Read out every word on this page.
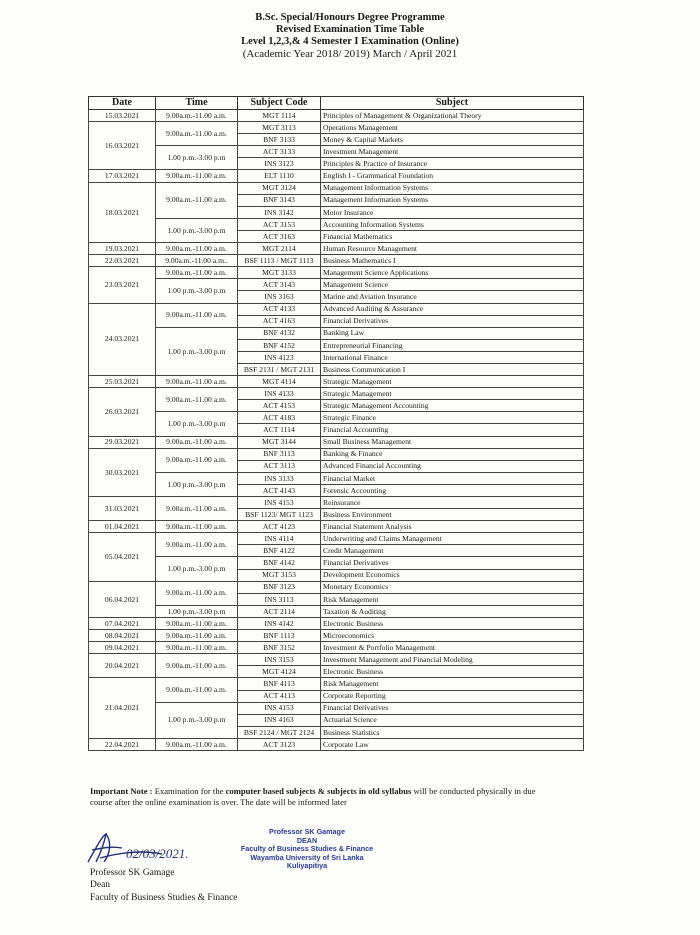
B.Sc. Special/Honours Degree Programme
Revised Examination Time Table
Level 1,2,3,& 4 Semester I Examination (Online)
(Academic Year 2018/ 2019) March / April 2021
Date	Time	Subject Code	Subject
15.03.2021	9.00a.m.-11.00 a.m.	MGT 1114	Principles of Management & Organizational Theory
16.03.2021	9.00a.m.-11.00 a.m.	MGT 3113	Operations Management
		BNF 3133	Money & Capital Markets
	1.00 p.m.-3.00 p.m	ACT 3133	Investment Management
		INS 3123	Principles & Practice of Insurance
17.03.2021	9.00a.m.-11.00 a.m.	ELT 1110	English I - Grammatical Foundation
18.03.2021	9.00a.m.-11.00 a.m.	MGT 3124	Management Information Systems
		BNF 3143	Management Information Systems
		INS 3142	Motor Insurance
	1.00 p.m.-3.00 p.m	ACT 3153	Accounting Information Systems
		ACT 3163	Financial Mathematics
19.03.2021	9.00a.m.-11.00 a.m.	MGT 2114	Human Resource Management
22.03.2021	9.00a.m.-11.00 a.m..	BSF 1113 / MGT 1113	Business Mathematics I
23.03.2021	9.00a.m.-11.00 a.m.	MGT 3133	Management Science Applications
	1.00 p.m.-3.00 p.m	ACT 3143	Management Science
		INS 3163	Marine and Aviation Insurance
24.03.2021	9.00a.m.-11.00 a.m.	ACT 4133	Advanced Auditing & Assurance
		ACT 4163	Financial Derivatives
	1.00 p.m.-3.00 p.m	BNF 4132	Banking Law
		BNF 4152	Entrepreneurial Financing
		INS 4123	International Finance
		BSF 2131 / MGT 2131	Business Communication I
25.03.2021	9.00a.m.-11.00 a.m.	MGT 4114	Strategic Management
26.03.2021	9.00a.m.-11.00 a.m.	INS 4133	Strategic Management
		ACT 4153	Strategic Management Accounting
	1.00 p.m.-3.00 p.m	ACT 4183	Strategic Finance
		ACT 1114	Financial Accounting
29.03.2021	9.00a.m.-11.00 a.m.	MGT 3144	Small Business Management
30.03.2021	9.00a.m.-11.00 a.m.	BNF 3113	Banking & Finance
		ACT 3113	Advanced Financial Accounting
	1.00 p.m.-3.00 p.m	INS 3133	Financial Market
		ACT 4143	Forensic Accounting
31.03.2021	9.00a.m.-11.00 a.m.	INS 4153	Reinsurance
		BSF 1123/ MGT 1123	Business Environment
01.04.2021	9.00a.m.-11.00 a.m.	ACT 4123	Financial Statement Analysis
05.04.2021	9.00a.m.-11.00 a.m.	INS 4114	Underwriting and Claims Management
		BNF 4122	Credit Management
	1.00 p.m.-3.00 p.m	BNF 4142	Financial Derivatives
		MGT 3153	Development Economics
06.04.2021	9.00a.m.-11.00 a.m.	BNF 3123	Monetary Economics
		INS 3113	Risk Management
	1.00 p.m.-3.00 p.m	ACT 2114	Taxation & Auditing
07.04.2021	9.00a.m.-11.00 a.m.	INS 4142	Electronic Business
08.04.2021	9.00a.m.-11.00 a.m.	BNF 1113	Microeconomics
09.04.2021	9.00a.m.-11.00 a.m.	BNF 3152	Investment & Portfolio Management
20.04.2021	9.00a.m.-11.00 a.m.	INS 3153	Investment Management and Financial Modeling
		MGT 4124	Electronic Business
21.04.2021	9.00a.m.-11.00 a.m.	BNF 4113	Risk Management
		ACT 4113	Corporate Reporting
	1.00 p.m.-3.00 p.m	INS 4153	Financial Derivatives
		INS 4163	Actuarial Science
		BSF 2124 / MGT 2124	Business Statistics
22.04.2021	9.00a.m.-11.00 a.m.	ACT 3123	Corporate Law
Important Note : Examination for the computer based subjects & subjects in old syllabus will be conducted physically in due course after the online examination is over. The date will be informed later
02/03/2021.
Professor SK Gamage
DEAN
Faculty of Business Studies & Finance
Wayamba University of Sri Lanka
Kuliyapitiya
Professor SK Gamage
Dean
Faculty of Business Studies & Finance
